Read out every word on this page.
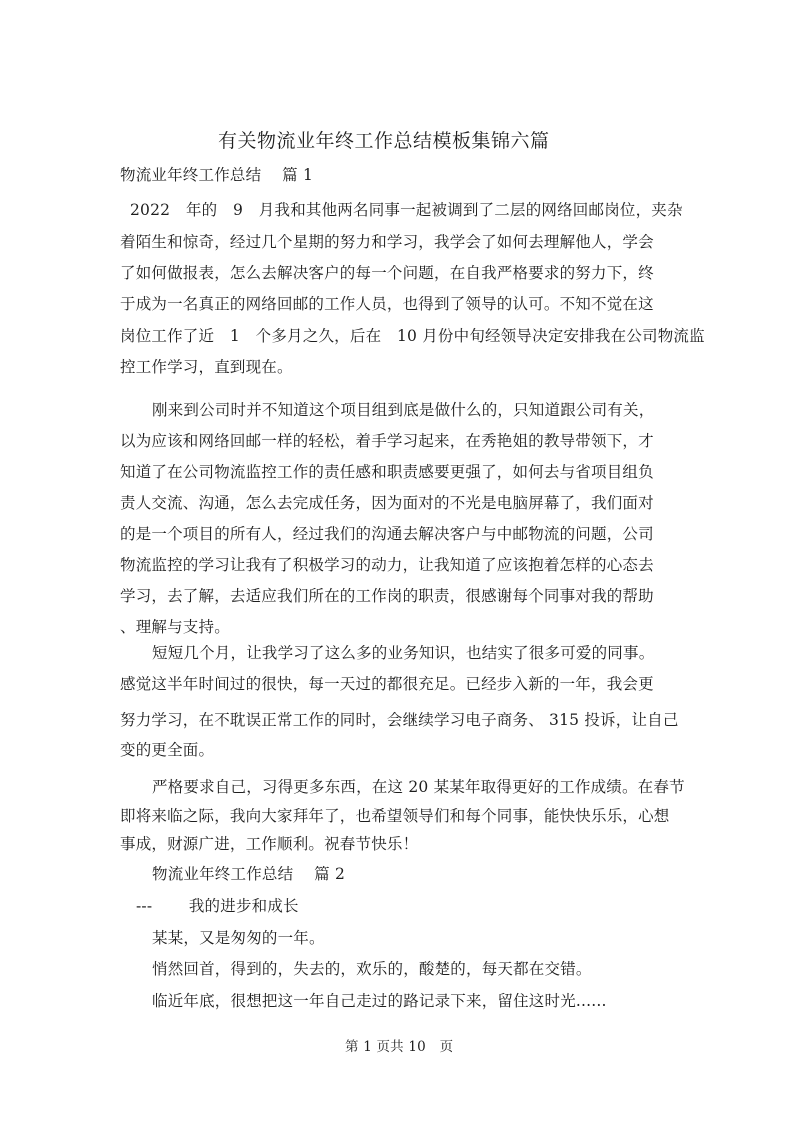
有关物流业年终工作总结模板集锦六篇
物流业年终工作总结　 篇 1
2022　年的　9　月我和其他两名同事一起被调到了二层的网络回邮岗位，夹杂
着陌生和惊奇，经过几个星期的努力和学习，我学会了如何去理解他人，学会
了如何做报表，怎么去解决客户的每一个问题，在自我严格要求的努力下，终
于成为一名真正的网络回邮的工作人员，也得到了领导的认可。不知不觉在这
岗位工作了近　1　个多月之久，后在　10 月份中旬经领导决定安排我在公司物流监
控工作学习，直到现在。
刚来到公司时并不知道这个项目组到底是做什么的，只知道跟公司有关，
以为应该和网络回邮一样的轻松，着手学习起来，在秀艳姐的教导带领下，才
知道了在公司物流监控工作的责任感和职责感要更强了，如何去与省项目组负
责人交流、沟通，怎么去完成任务，因为面对的不光是电脑屏幕了，我们面对
的是一个项目的所有人，经过我们的沟通去解决客户与中邮物流的问题，公司
物流监控的学习让我有了积极学习的动力，让我知道了应该抱着怎样的心态去
学习，去了解，去适应我们所在的工作岗的职责，很感谢每个同事对我的帮助
、理解与支持。
短短几个月，让我学习了这么多的业务知识，也结实了很多可爱的同事。
感觉这半年时间过的很快，每一天过的都很充足。已经步入新的一年，我会更
努力学习，在不耽误正常工作的同时，会继续学习电子商务、 315 投诉，让自己
变的更全面。
严格要求自己，习得更多东西，在这 20 某某年取得更好的工作成绩。在春节
即将来临之际，我向大家拜年了，也希望领导们和每个同事，能快快乐乐，心想
事成，财源广进，工作顺利。祝春节快乐！
物流业年终工作总结　 篇 2
---　　 我的进步和成长
某某，又是匆匆的一年。
悄然回首，得到的，失去的，欢乐的，酸楚的，每天都在交错。
临近年底，很想把这一年自己走过的路记录下来，留住这时光......
第 1 页共 10　页
